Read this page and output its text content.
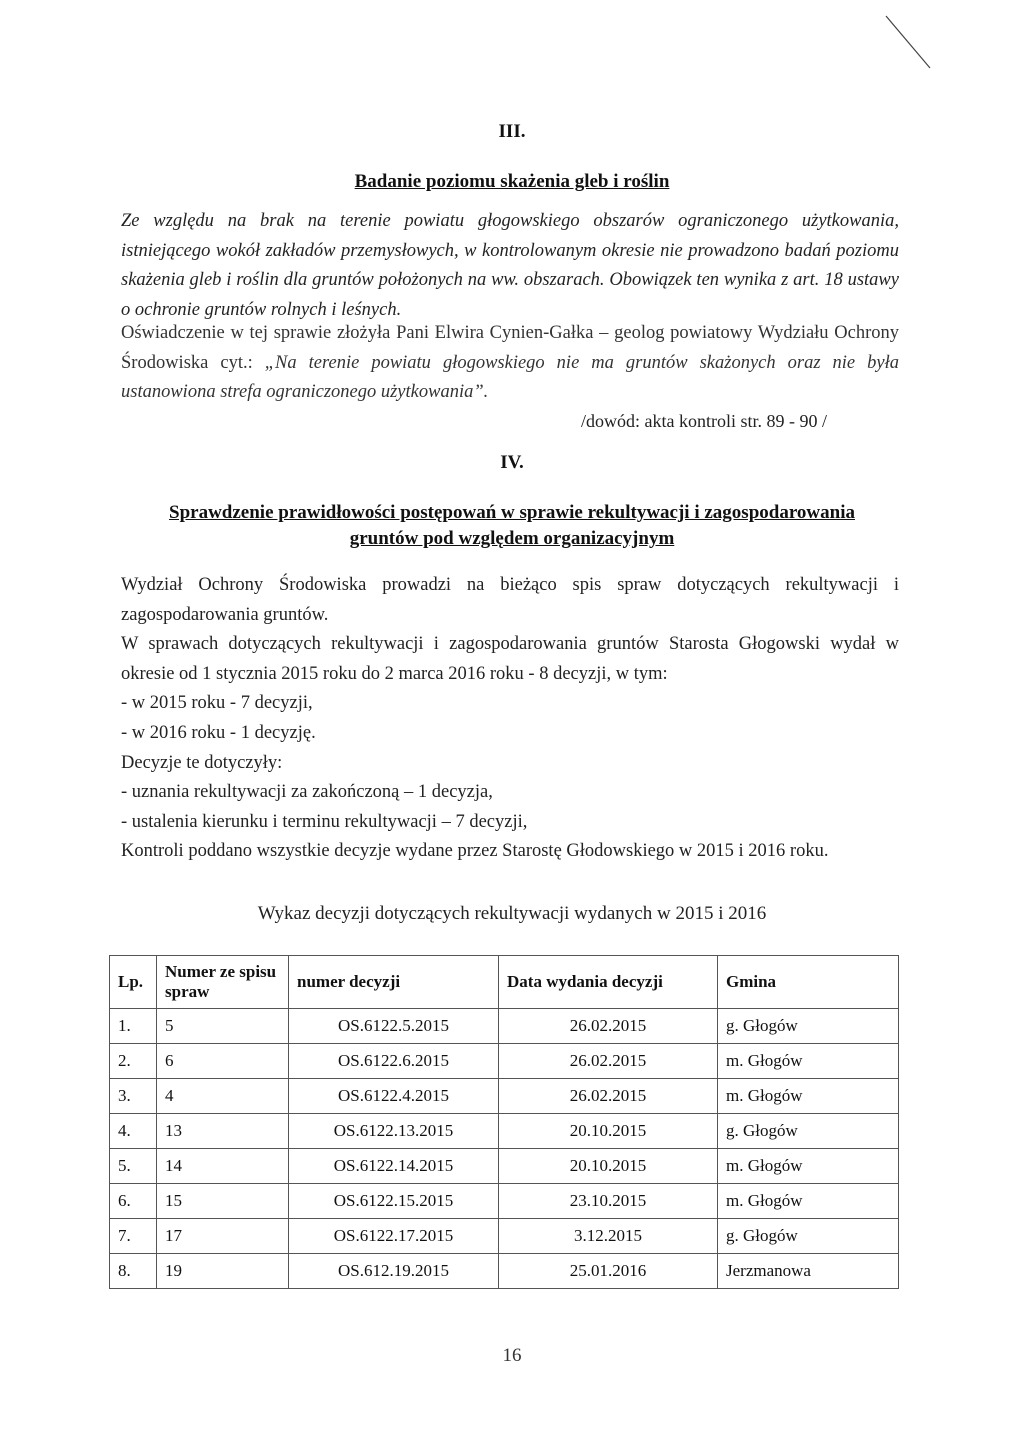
III.
Badanie poziomu skażenia gleb i roślin

Ze względu na brak na terenie powiatu głogowskiego obszarów ograniczonego użytkowania, istniejącego wokół zakładów przemysłowych, w kontrolowanym okresie nie prowadzono badań poziomu skażenia gleb i roślin dla gruntów położonych na ww. obszarach. Obowiązek ten wynika z art. 18 ustawy o ochronie gruntów rolnych i leśnych.

Oświadczenie w tej sprawie złożyła Pani Elwira Cynien-Gałka – geolog powiatowy Wydziału Ochrony Środowiska cyt.: „Na terenie powiatu głogowskiego nie ma gruntów skażonych oraz nie była ustanowiona strefa ograniczonego użytkowania”.

/dowód: akta kontroli str. 89 - 90 /
IV.
Sprawdzenie prawidłowości postępowań w sprawie rekultywacji i zagospodarowania
gruntów pod względem organizacyjnym

Wydział Ochrony Środowiska prowadzi na bieżąco spis spraw dotyczących rekultywacji i zagospodarowania gruntów.

W sprawach dotyczących rekultywacji i zagospodarowania gruntów Starosta Głogowski wydał w okresie od 1 stycznia 2015 roku do 2 marca 2016 roku - 8 decyzji, w tym:

- w 2015 roku - 7 decyzji,

- w 2016 roku - 1 decyzję.

Decyzje te dotyczyły:

- uznania rekultywacji za zakończoną – 1 decyzja,

- ustalenia kierunku i terminu rekultywacji – 7 decyzji,

Kontroli poddano wszystkie decyzje wydane przez Starostę Głodowskiego w 2015 i 2016 roku.

Wykaz decyzji dotyczących rekultywacji wydanych w 2015 i 2016
Lp.	Numer ze spisu spraw	numer decyzji	Data wydania decyzji	Gmina
1.	5	OS.6122.5.2015	26.02.2015	g. Głogów
2.	6	OS.6122.6.2015	26.02.2015	m. Głogów
3.	4	OS.6122.4.2015	26.02.2015	m. Głogów
4.	13	OS.6122.13.2015	20.10.2015	g. Głogów
5.	14	OS.6122.14.2015	20.10.2015	m. Głogów
6.	15	OS.6122.15.2015	23.10.2015	m. Głogów
7.	17	OS.6122.17.2015	3.12.2015	g. Głogów
8.	19	OS.612.19.2015	25.01.2016	Jerzmanowa
16
